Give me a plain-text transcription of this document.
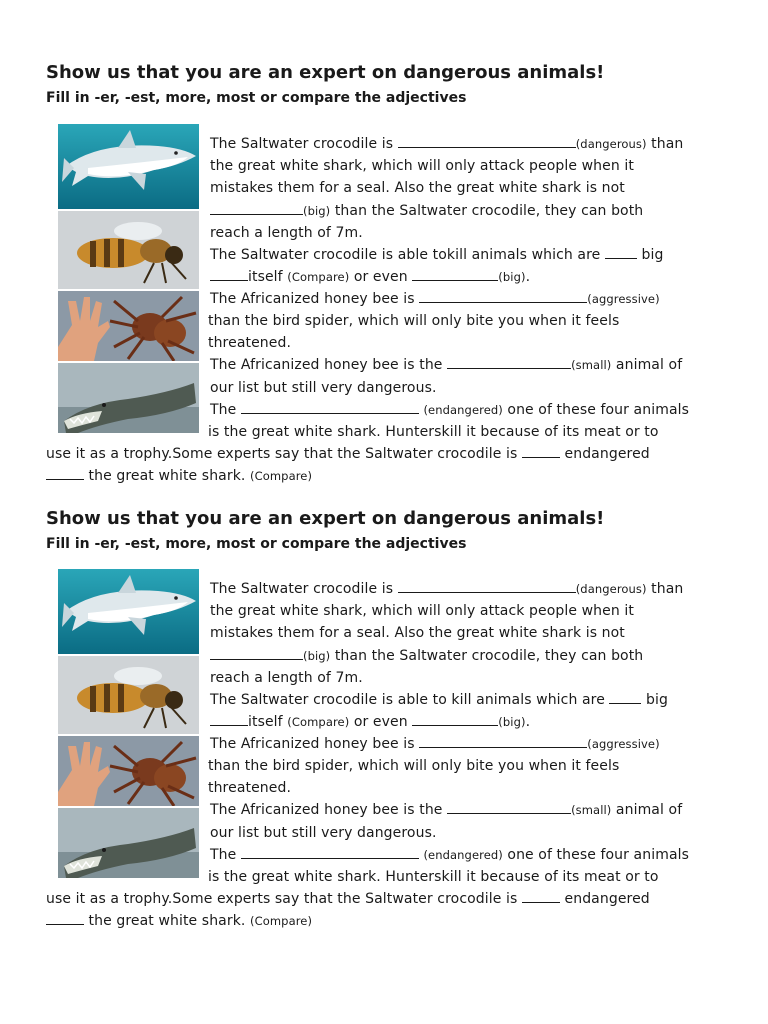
Show us that you are an expert on dangerous animals!
Fill in -er, -est, more, most or compare the adjectives
The Saltwater crocodile is	(dangerous) than
the great white shark, which will only attack people when it
mistakes them for a seal. Also the great white shark is not
(big) than the Saltwater crocodile, they can both
reach a length of 7m.
The Saltwater crocodile is able tokill animals which are  big
itself (Compare) or even	(big).
The Africanized honey bee is	(aggressive)
than the bird spider, which will only bite you when it feels
threatened.
The Africanized honey bee is the	(small) animal of
our list but still very dangerous.
The	(endangered) one of these four animals
is the great white shark. Hunterskill it because of its meat or to
use it as a trophy.Some experts say that the Saltwater crocodile is	endangered
the great white shark. (Compare)
Show us that you are an expert on dangerous animals!
Fill in -er, -est, more, most or compare the adjectives
The Saltwater crocodile is	(dangerous) than
the great white shark, which will only attack people when it
mistakes them for a seal. Also the great white shark is not
(big) than the Saltwater crocodile, they can both
reach a length of 7m.
The Saltwater crocodile is able to kill animals which are  big
itself (Compare) or even	(big).
The Africanized honey bee is	(aggressive)
than the bird spider, which will only bite you when it feels
threatened.
The Africanized honey bee is the	(small) animal of
our list but still very dangerous.
The	(endangered) one of these four animals
is the great white shark. Hunterskill it because of its meat or to
use it as a trophy.Some experts say that the Saltwater crocodile is	endangered
the great white shark. (Compare)
